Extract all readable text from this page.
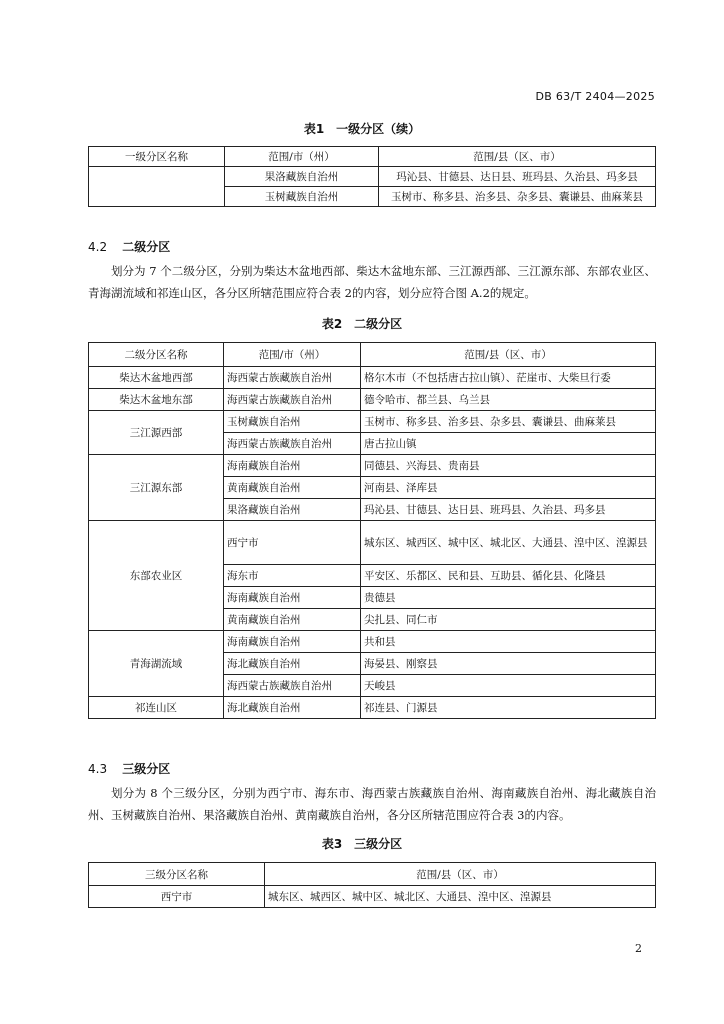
DB 63/T 2404—2025
表1　一级分区（续）
一级分区名称	范围/市（州）	范围/县（区、市）
	果洛藏族自治州	玛沁县、甘德县、达日县、班玛县、久治县、玛多县
	玉树藏族自治州	玉树市、称多县、治多县、杂多县、囊谦县、曲麻莱县
4.2 二级分区
划分为 7 个二级分区，分别为柴达木盆地西部、柴达木盆地东部、三江源西部、三江源东部、东部农业区、青海湖流域和祁连山区，各分区所辖范围应符合表 2的内容，划分应符合图 A.2的规定。
表2　二级分区
二级分区名称	范围/市（州）	范围/县（区、市）
柴达木盆地西部	海西蒙古族藏族自治州	格尔木市（不包括唐古拉山镇）、茫崖市、大柴旦行委
柴达木盆地东部	海西蒙古族藏族自治州	德令哈市、都兰县、乌兰县
三江源西部	玉树藏族自治州	玉树市、称多县、治多县、杂多县、囊谦县、曲麻莱县
	海西蒙古族藏族自治州	唐古拉山镇
三江源东部	海南藏族自治州	同德县、兴海县、贵南县
	黄南藏族自治州	河南县、泽库县
	果洛藏族自治州	玛沁县、甘德县、达日县、班玛县、久治县、玛多县
东部农业区	西宁市	城东区、城西区、城中区、城北区、大通县、湟中区、湟源县
	海东市	平安区、乐都区、民和县、互助县、循化县、化隆县
	海南藏族自治州	贵德县
	黄南藏族自治州	尖扎县、同仁市
青海湖流域	海南藏族自治州	共和县
	海北藏族自治州	海晏县、刚察县
	海西蒙古族藏族自治州	天峻县
祁连山区	海北藏族自治州	祁连县、门源县
4.3 三级分区
划分为 8 个三级分区，分别为西宁市、海东市、海西蒙古族藏族自治州、海南藏族自治州、海北藏族自治州、玉树藏族自治州、果洛藏族自治州、黄南藏族自治州，各分区所辖范围应符合表 3的内容。
表3　三级分区
三级分区名称	范围/县（区、市）
西宁市	城东区、城西区、城中区、城北区、大通县、湟中区、湟源县
2
